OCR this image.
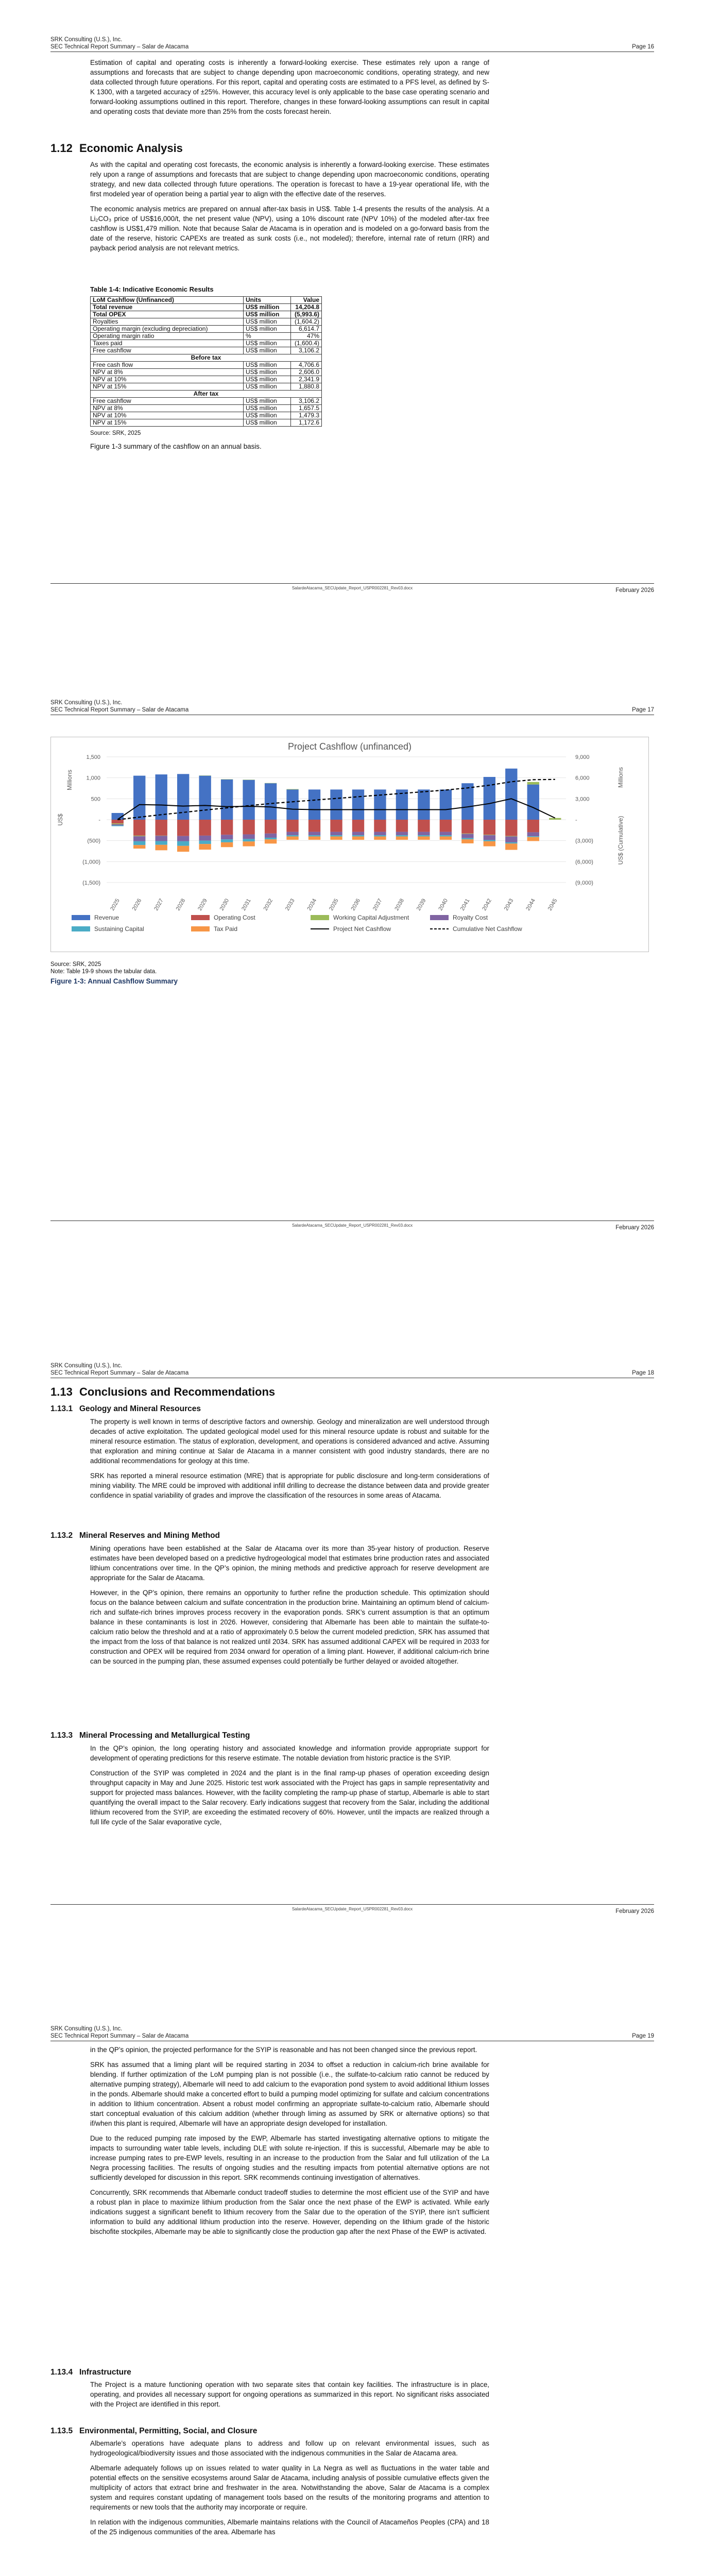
SRK Consulting (U.S.), Inc.
SEC Technical Report Summary – Salar de Atacama	Page 16

Estimation of capital and operating costs is inherently a forward-looking exercise. These estimates rely upon a range of assumptions and forecasts that are subject to change depending upon macroeconomic conditions, operating strategy, and new data collected through future operations. For this report, capital and operating costs are estimated to a PFS level, as defined by S-K 1300, with a targeted accuracy of ±25%. However, this accuracy level is only applicable to the base case operating scenario and forward-looking assumptions outlined in this report. Therefore, changes in these forward-looking assumptions can result in capital and operating costs that deviate more than 25% from the costs forecast herein.

1.12 Economic Analysis

As with the capital and operating cost forecasts, the economic analysis is inherently a forward-looking exercise. These estimates rely upon a range of assumptions and forecasts that are subject to change depending upon macroeconomic conditions, operating strategy, and new data collected through future operations. The operation is forecast to have a 19-year operational life, with the first modeled year of operation being a partial year to align with the effective date of the reserves.

The economic analysis metrics are prepared on annual after-tax basis in US$. Table 1-4 presents the results of the analysis. At a Li₂CO₃ price of US$16,000/t, the net present value (NPV), using a 10% discount rate (NPV 10%) of the modeled after-tax free cashflow is US$1,479 million. Note that because Salar de Atacama is in operation and is modeled on a go-forward basis from the date of the reserve, historic CAPEXs are treated as sunk costs (i.e., not modeled); therefore, internal rate of return (IRR) and payback period analysis are not relevant metrics.

Table 1-4: Indicative Economic Results
LoM Cashflow (Unfinanced)	Units	Value
Total revenue	US$ million	14,204.8
Total OPEX	US$ million	(5,993.6)
Royalties	US$ million	(1,604.2)
Operating margin (excluding depreciation)	US$ million	6,614.7
Operating margin ratio	%	47%
Taxes paid	US$ million	(1,600.4)
Free cashflow	US$ million	3,106.2
Before tax		
Free cash flow	US$ million	4,706.6
NPV at 8%	US$ million	2,606.0
NPV at 10%	US$ million	2,341.9
NPV at 15%	US$ million	1,880.8
After tax		
Free cashflow	US$ million	3,106.2
NPV at 8%	US$ million	1,657.5
NPV at 10%	US$ million	1,479.3
NPV at 15%	US$ million	1,172.6
Source: SRK, 2025

Figure 1-3 summary of the cashflow on an annual basis.

SalardeAtacama_SECUpdate_Report_USPR002281_Rev03.docx	February 2026
SRK Consulting (U.S.), Inc.
SEC Technical Report Summary – Salar de Atacama	Page 17
Project Cashflow (unfinanced)
1,500
1,000
500
-
(500)
(1,000)
(1,500)
9,000
6,000
3,000
-
(3,000)
(6,000)
(9,000)
US$
Millions
US$ (Cumulative)
Millions
2025 2026 2027 2028 2029 2030 2031 2032 2033 2034 2035 2036 2037 2038 2039 2040 2041 2042 2043 2044 2045
Revenue	Operating Cost	Working Capital Adjustment	Royalty Cost
Sustaining Capital	Tax Paid	Project Net Cashflow	Cumulative Net Cashflow
Source: SRK, 2025
Note: Table 19-9 shows the tabular data.
Figure 1-3: Annual Cashflow Summary
SalardeAtacama_SECUpdate_Report_USPR002281_Rev03.docx	February 2026
SRK Consulting (U.S.), Inc.
SEC Technical Report Summary – Salar de Atacama	Page 18
1.13 Conclusions and Recommendations
1.13.1 Geology and Mineral Resources

The property is well known in terms of descriptive factors and ownership. Geology and mineralization are well understood through decades of active exploitation. The updated geological model used for this mineral resource update is robust and suitable for the mineral resource estimation. The status of exploration, development, and operations is considered advanced and active. Assuming that exploration and mining continue at Salar de Atacama in a manner consistent with good industry standards, there are no additional recommendations for geology at this time.

SRK has reported a mineral resource estimation (MRE) that is appropriate for public disclosure and long-term considerations of mining viability. The MRE could be improved with additional infill drilling to decrease the distance between data and provide greater confidence in spatial variability of grades and improve the classification of the resources in some areas of Atacama.

1.13.2 Mineral Reserves and Mining Method

Mining operations have been established at the Salar de Atacama over its more than 35-year history of production. Reserve estimates have been developed based on a predictive hydrogeological model that estimates brine production rates and associated lithium concentrations over time. In the QP’s opinion, the mining methods and predictive approach for reserve development are appropriate for the Salar de Atacama.

However, in the QP’s opinion, there remains an opportunity to further refine the production schedule. This optimization should focus on the balance between calcium and sulfate concentration in the production brine. Maintaining an optimum blend of calcium-rich and sulfate-rich brines improves process recovery in the evaporation ponds. SRK’s current assumption is that an optimum balance in these contaminants is lost in 2026. However, considering that Albemarle has been able to maintain the sulfate-to-calcium ratio below the threshold and at a ratio of approximately 0.5 below the current modeled prediction, SRK has assumed that the impact from the loss of that balance is not realized until 2034. SRK has assumed additional CAPEX will be required in 2033 for construction and OPEX will be required from 2034 onward for operation of a liming plant. However, if additional calcium-rich brine can be sourced in the pumping plan, these assumed expenses could potentially be further delayed or avoided altogether.

1.13.3 Mineral Processing and Metallurgical Testing

In the QP’s opinion, the long operating history and associated knowledge and information provide appropriate support for development of operating predictions for this reserve estimate. The notable deviation from historic practice is the SYIP.

Construction of the SYIP was completed in 2024 and the plant is in the final ramp-up phases of operation exceeding design throughput capacity in May and June 2025. Historic test work associated with the Project has gaps in sample representativity and support for projected mass balances. However, with the facility completing the ramp-up phase of startup, Albemarle is able to start quantifying the overall impact to the Salar recovery. Early indications suggest that recovery from the Salar, including the additional lithium recovered from the SYIP, are exceeding the estimated recovery of 60%. However, until the impacts are realized through a full life cycle of the Salar evaporative cycle,

SalardeAtacama_SECUpdate_Report_USPR002281_Rev03.docx	February 2026
SRK Consulting (U.S.), Inc.
SEC Technical Report Summary – Salar de Atacama	Page 19

in the QP’s opinion, the projected performance for the SYIP is reasonable and has not been changed since the previous report.

SRK has assumed that a liming plant will be required starting in 2034 to offset a reduction in calcium-rich brine available for blending. If further optimization of the LoM pumping plan is not possible (i.e., the sulfate-to-calcium ratio cannot be reduced by alternative pumping strategy), Albemarle will need to add calcium to the evaporation pond system to avoid additional lithium losses in the ponds. Albemarle should make a concerted effort to build a pumping model optimizing for sulfate and calcium concentrations in addition to lithium concentration. Absent a robust model confirming an appropriate sulfate-to-calcium ratio, Albemarle should start conceptual evaluation of this calcium addition (whether through liming as assumed by SRK or alternative options) so that if/when this plant is required, Albemarle will have an appropriate design developed for installation.

Due to the reduced pumping rate imposed by the EWP, Albemarle has started investigating alternative options to mitigate the impacts to surrounding water table levels, including DLE with solute re-injection. If this is successful, Albemarle may be able to increase pumping rates to pre-EWP levels, resulting in an increase to the production from the Salar and full utilization of the La Negra processing facilities. The results of ongoing studies and the resulting impacts from potential alternative options are not sufficiently developed for discussion in this report. SRK recommends continuing investigation of alternatives.

Concurrently, SRK recommends that Albemarle conduct tradeoff studies to determine the most efficient use of the SYIP and have a robust plan in place to maximize lithium production from the Salar once the next phase of the EWP is activated. While early indications suggest a significant benefit to lithium recovery from the Salar due to the operation of the SYIP, there isn’t sufficient information to build any additional lithium production into the reserve. However, depending on the lithium grade of the historic bischofite stockpiles, Albemarle may be able to significantly close the production gap after the next Phase of the EWP is activated.

1.13.4 Infrastructure

The Project is a mature functioning operation with two separate sites that contain key facilities. The infrastructure is in place, operating, and provides all necessary support for ongoing operations as summarized in this report. No significant risks associated with the Project are identified in this report.

1.13.5 Environmental, Permitting, Social, and Closure

Albemarle’s operations have adequate plans to address and follow up on relevant environmental issues, such as hydrogeological/biodiversity issues and those associated with the indigenous communities in the Salar de Atacama area.

Albemarle adequately follows up on issues related to water quality in La Negra as well as fluctuations in the water table and potential effects on the sensitive ecosystems around Salar de Atacama, including analysis of possible cumulative effects given the multiplicity of actors that extract brine and freshwater in the area. Notwithstanding the above, Salar de Atacama is a complex system and requires constant updating of management tools based on the results of the monitoring programs and attention to requirements or new tools that the authority may incorporate or require.

In relation with the indigenous communities, Albemarle maintains relations with the Council of Atacameños Peoples (CPA) and 18 of the 25 indigenous communities of the area. Albemarle has
